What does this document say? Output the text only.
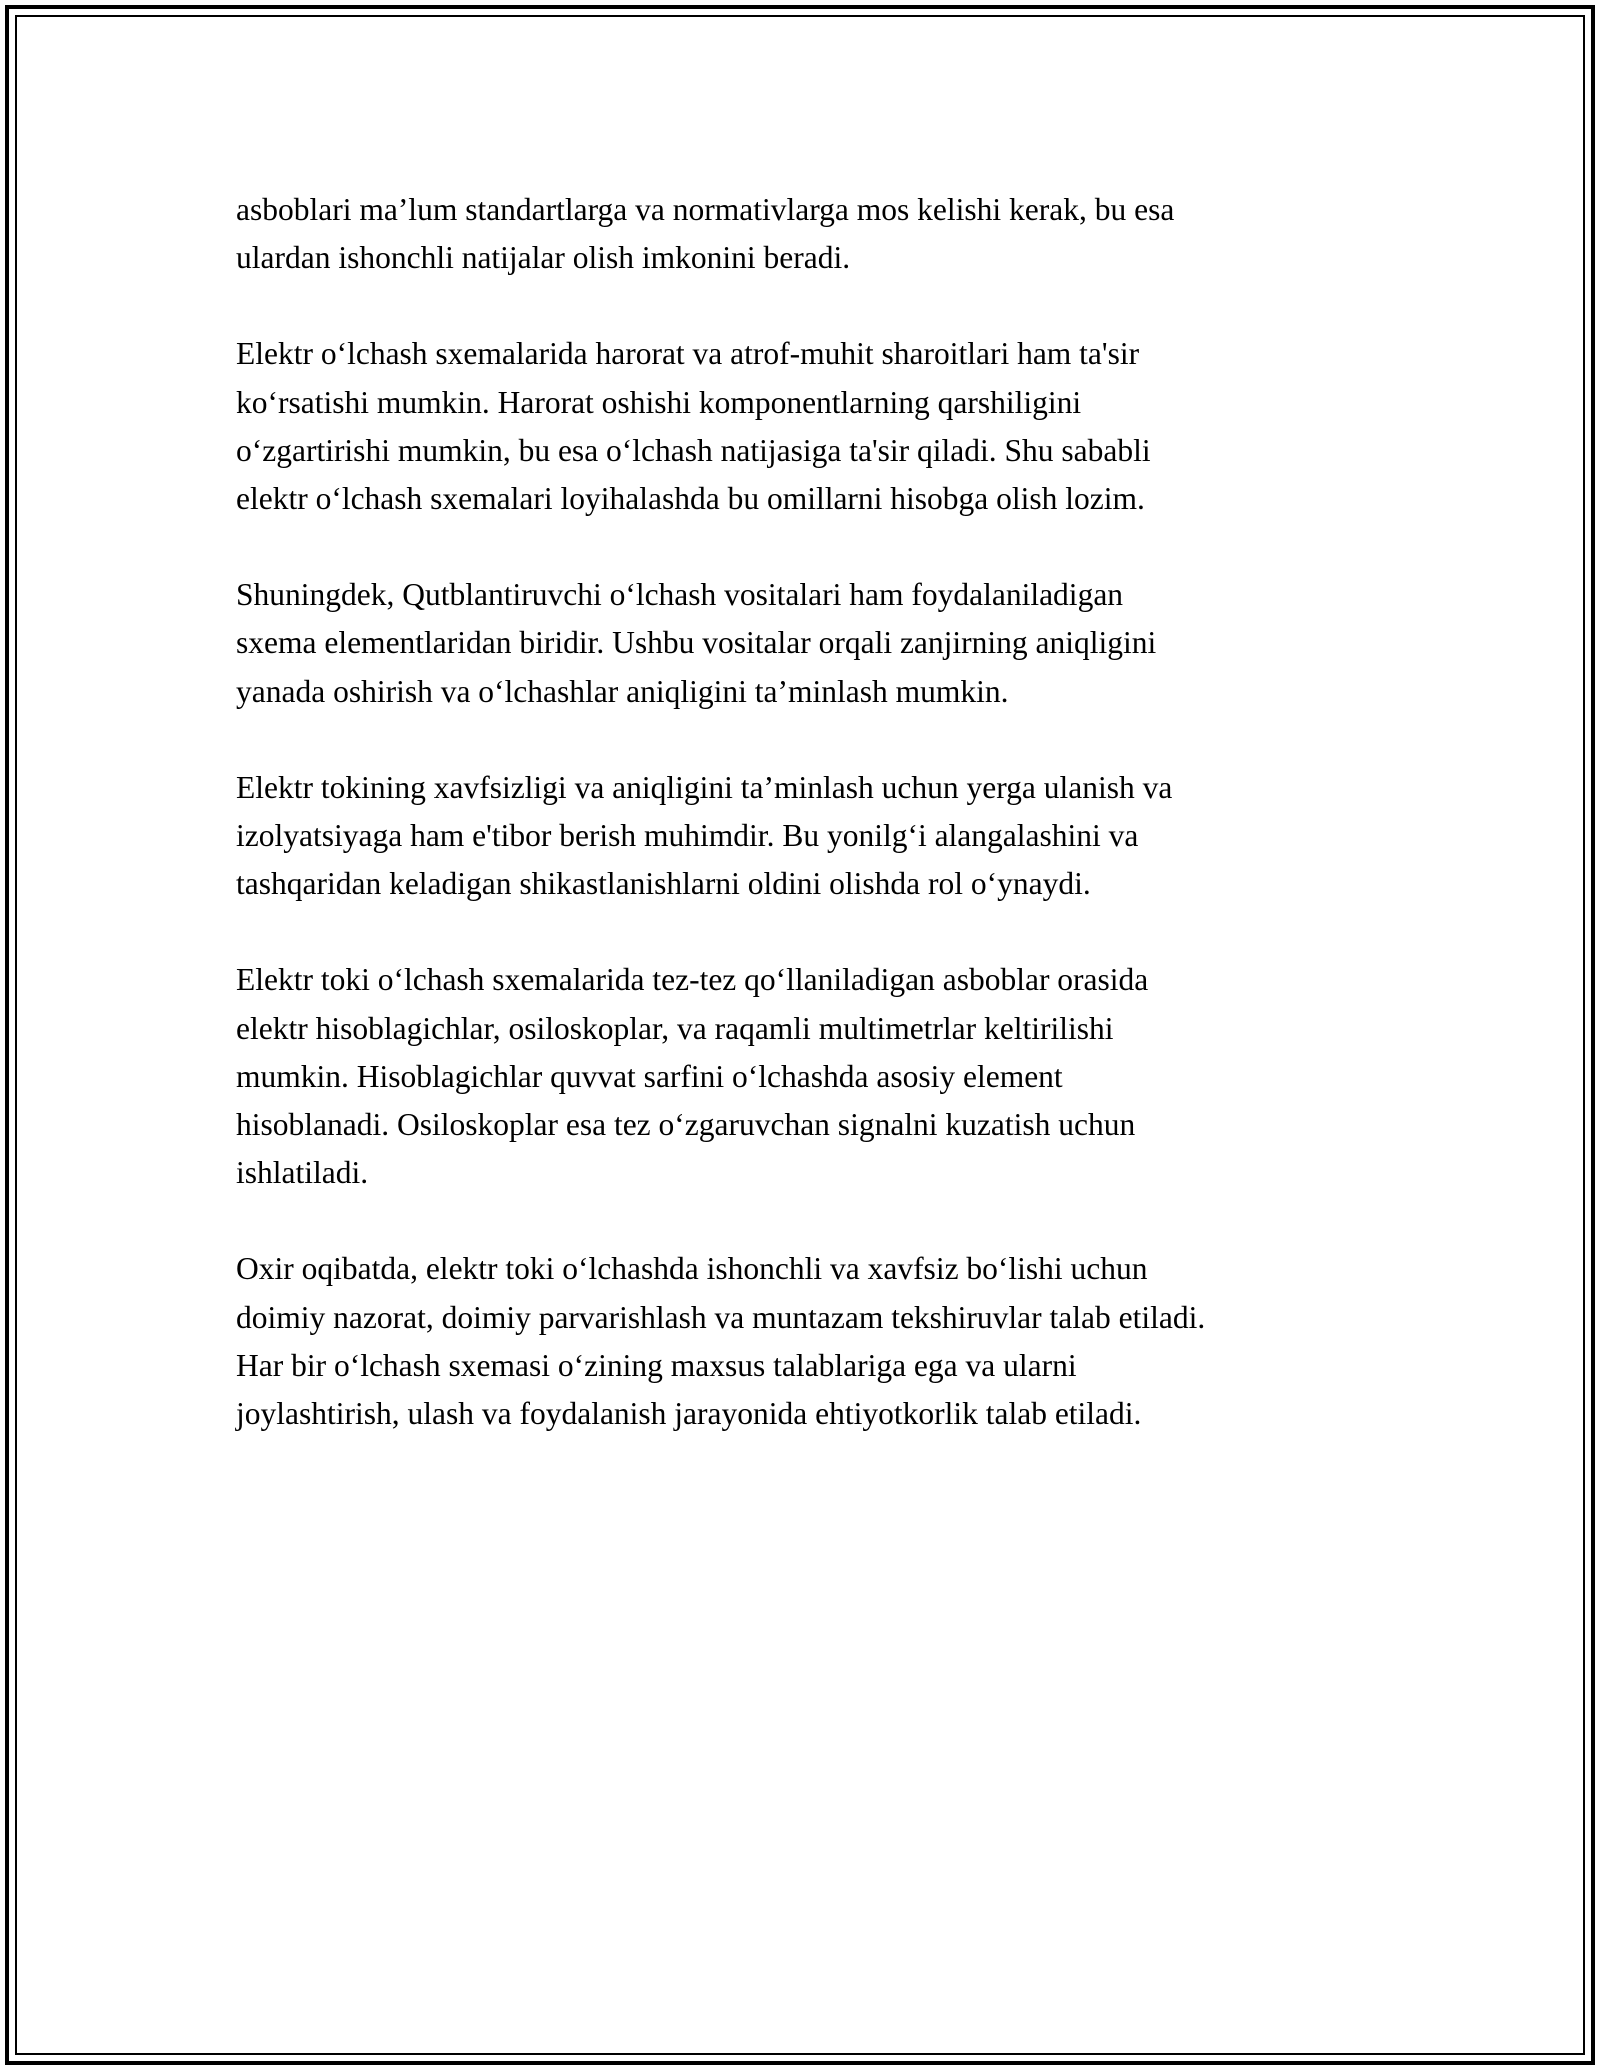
asboblari ma’lum standartlarga va normativlarga mos kelishi kerak, bu esa
ulardan ishonchli natijalar olish imkonini beradi.

Elektr o‘lchash sxemalarida harorat va atrof-muhit sharoitlari ham ta'sir
ko‘rsatishi mumkin. Harorat oshishi komponentlarning qarshiligini
o‘zgartirishi mumkin, bu esa o‘lchash natijasiga ta'sir qiladi. Shu sababli
elektr o‘lchash sxemalari loyihalashda bu omillarni hisobga olish lozim.

Shuningdek, Qutblantiruvchi o‘lchash vositalari ham foydalaniladigan
sxema elementlaridan biridir. Ushbu vositalar orqali zanjirning aniqligini
yanada oshirish va o‘lchashlar aniqligini ta’minlash mumkin.

Elektr tokining xavfsizligi va aniqligini ta’minlash uchun yerga ulanish va
izolyatsiyaga ham e'tibor berish muhimdir. Bu yonilg‘i alangalashini va
tashqaridan keladigan shikastlanishlarni oldini olishda rol o‘ynaydi.

Elektr toki o‘lchash sxemalarida tez-tez qo‘llaniladigan asboblar orasida
elektr hisoblagichlar, osiloskoplar, va raqamli multimetrlar keltirilishi
mumkin. Hisoblagichlar quvvat sarfini o‘lchashda asosiy element
hisoblanadi. Osiloskoplar esa tez o‘zgaruvchan signalni kuzatish uchun
ishlatiladi.

Oxir oqibatda, elektr toki o‘lchashda ishonchli va xavfsiz bo‘lishi uchun
doimiy nazorat, doimiy parvarishlash va muntazam tekshiruvlar talab etiladi.
Har bir o‘lchash sxemasi o‘zining maxsus talablariga ega va ularni
joylashtirish, ulash va foydalanish jarayonida ehtiyotkorlik talab etiladi.
